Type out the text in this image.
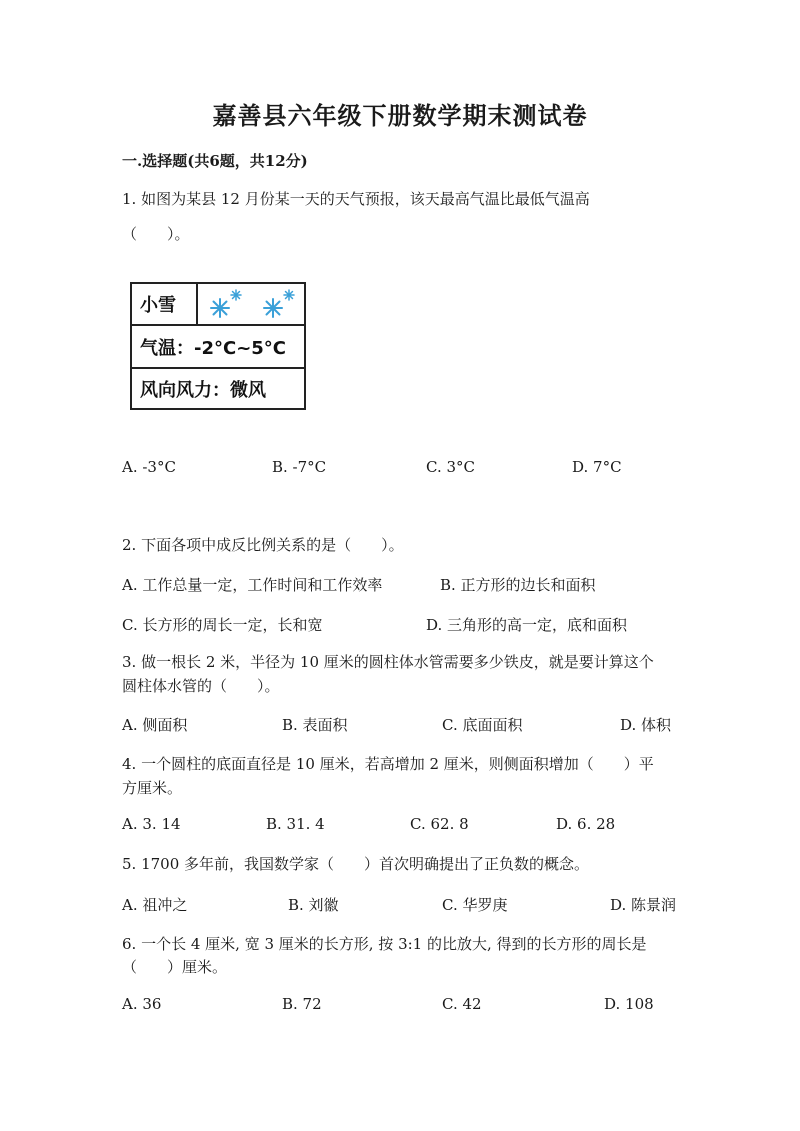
嘉善县六年级下册数学期末测试卷
一.选择题(共6题，共12分)
1. 如图为某县 12 月份某一天的天气预报，该天最高气温比最低气温高
（　　）。
小雪
气温：-2°C~5°C
风向风力：微风
A. -3°C	B. -7°C	C. 3°C	D. 7°C
2. 下面各项中成反比例关系的是（　　）。
A. 工作总量一定，工作时间和工作效率	B. 正方形的边长和面积
C. 长方形的周长一定，长和宽	D. 三角形的高一定，底和面积
3. 做一根长 2 米，半径为 10 厘米的圆柱体水管需要多少铁皮，就是要计算这个
圆柱体水管的（　　）。
A. 侧面积	B. 表面积	C. 底面面积	D. 体积
4. 一个圆柱的底面直径是 10 厘米，若高增加 2 厘米，则侧面积增加（　　）平
方厘米。
A. 3. 14	B. 31. 4	C. 62. 8	D. 6. 28
5. 1700 多年前，我国数学家（　　）首次明确提出了正负数的概念。
A. 祖冲之	B. 刘徽	C. 华罗庚	D. 陈景润
6. 一个长 4 厘米, 宽 3 厘米的长方形, 按 3:1 的比放大, 得到的长方形的周长是
（　　）厘米。
A. 36	B. 72	C. 42	D. 108
